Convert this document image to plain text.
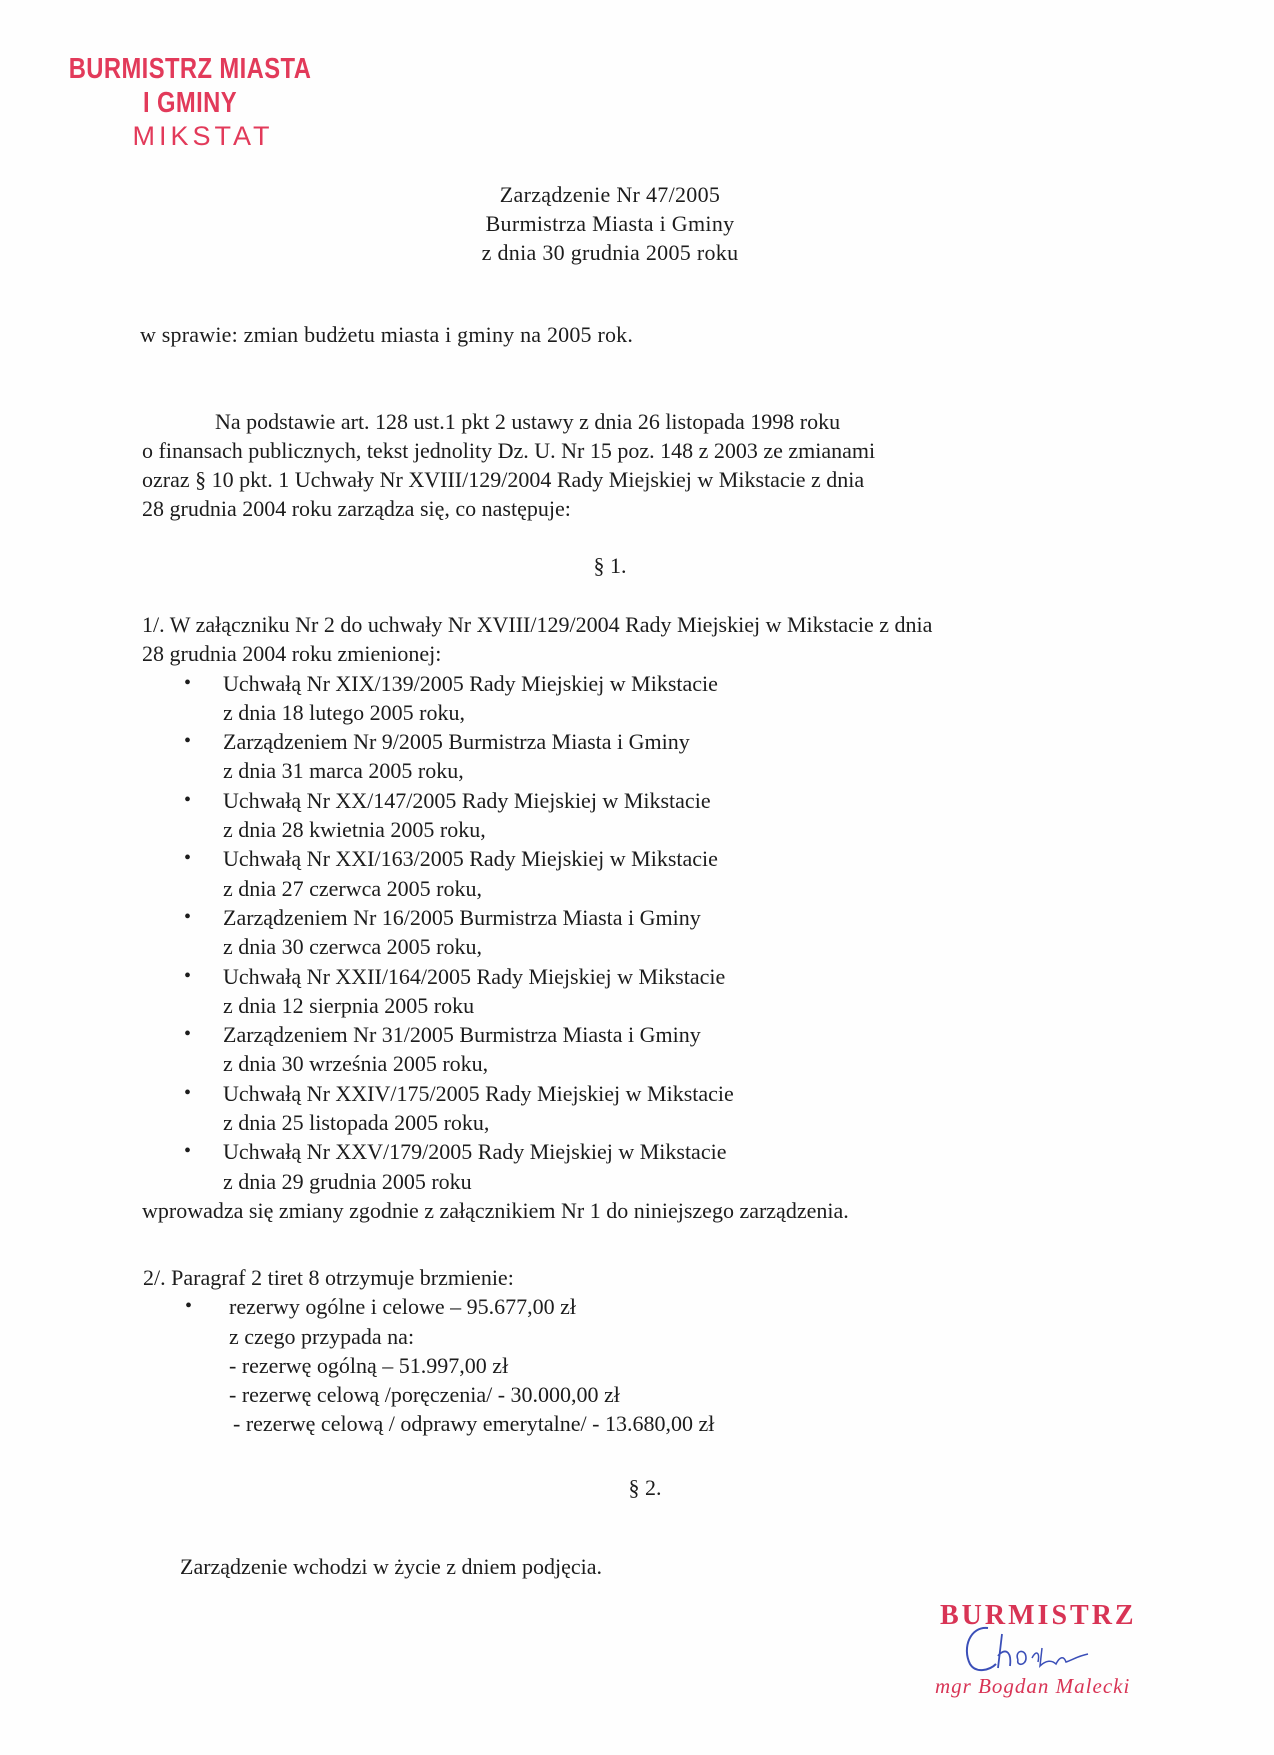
BURMISTRZ MIASTA I GMINY
MIKSTAT
Zarządzenie Nr 47/2005
Burmistrza Miasta i Gminy
z dnia 30 grudnia 2005 roku
w sprawie: zmian budżetu miasta i gminy na 2005 rok.
Na podstawie art. 128 ust.1 pkt 2 ustawy z dnia 26 listopada 1998 roku
o finansach publicznych, tekst jednolity Dz. U. Nr 15 poz. 148 z 2003 ze zmianami
ozraz § 10 pkt. 1 Uchwały Nr XVIII/129/2004 Rady Miejskiej w Mikstacie z dnia
28 grudnia 2004 roku zarządza się, co następuje:
§ 1.
1/. W załączniku Nr 2 do uchwały Nr XVIII/129/2004 Rady Miejskiej w Mikstacie z dnia
28 grudnia 2004 roku zmienionej:
• Uchwałą Nr XIX/139/2005 Rady Miejskiej w Mikstacie
z dnia 18 lutego 2005 roku,
• Zarządzeniem Nr 9/2005 Burmistrza Miasta i Gminy
z dnia 31 marca 2005 roku,
• Uchwałą Nr XX/147/2005 Rady Miejskiej w Mikstacie
z dnia 28 kwietnia 2005 roku,
• Uchwałą Nr XXI/163/2005 Rady Miejskiej w Mikstacie
z dnia 27 czerwca 2005 roku,
• Zarządzeniem Nr 16/2005 Burmistrza Miasta i Gminy
z dnia 30 czerwca 2005 roku,
• Uchwałą Nr XXII/164/2005 Rady Miejskiej w Mikstacie
z dnia 12 sierpnia 2005 roku
• Zarządzeniem Nr 31/2005 Burmistrza Miasta i Gminy
z dnia 30 września 2005 roku,
• Uchwałą Nr XXIV/175/2005 Rady Miejskiej w Mikstacie
z dnia 25 listopada 2005 roku,
• Uchwałą Nr XXV/179/2005 Rady Miejskiej w Mikstacie
z dnia 29 grudnia 2005 roku
wprowadza się zmiany zgodnie z załącznikiem Nr 1 do niniejszego zarządzenia.
2/. Paragraf 2 tiret 8 otrzymuje brzmienie:
• rezerwy ogólne i celowe – 95.677,00 zł
z czego przypada na:
- rezerwę ogólną – 51.997,00 zł
- rezerwę celową /poręczenia/ - 30.000,00 zł
- rezerwę celową / odprawy emerytalne/ - 13.680,00 zł
§ 2.
Zarządzenie wchodzi w życie z dniem podjęcia.
BURMISTRZ
mgr Bogdan Malecki
